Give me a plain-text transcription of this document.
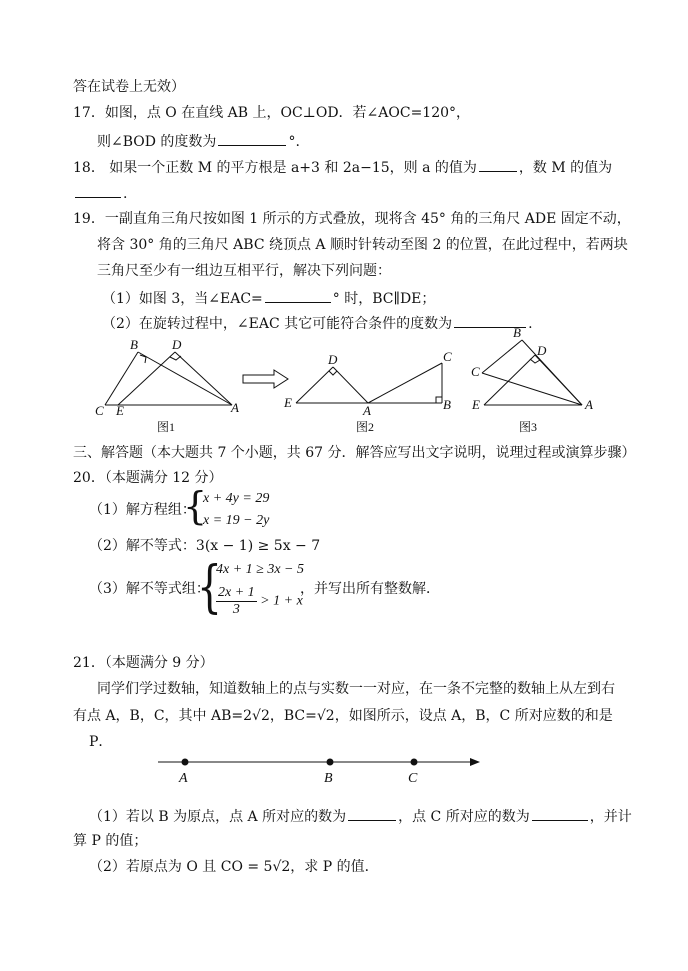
答在试卷上无效）
17．如图，点 O 在直线 AB 上，OC⊥OD．若∠AOC=120°，
则∠BOD 的度数为	°.
18． 如果一个正数 M 的平方根是 a+3 和 2a−15，则 a 的值为	，数 M 的值为
.
19．一副直角三角尺按如图 1 所示的方式叠放，现将含 45° 角的三角尺 ADE 固定不动，
将含 30° 角的三角尺 ABC 绕顶点 A 顺时针转动至图 2 的位置，在此过程中，若两块
三角尺至少有一组边互相平行，解决下列问题：
（1）如图 3，当∠EAC=	° 时，BC∥DE；
（2）在旋转过程中，∠EAC 其它可能符合条件的度数为	.
B	D
C E	A
D	C
E
A	B
B
D
C
E	A
图1	图2	图3
三、解答题（本大题共 7 个小题，共 67 分．解答应写出文字说明，说理过程或演算步骤）
20．（本题满分 12 分）
（1）解方程组：
{
x + 4y = 29
x = 19 − 2y
（2）解不等式：3(x − 1) ≥ 5x − 7
（3）解不等式组：
{
4x + 1 ≥ 3x − 5
$\frac{2x + 1}{3} > 1 + x$
，并写出所有整数解．
21．（本题满分 9 分）
同学们学过数轴，知道数轴上的点与实数一一对应，在一条不完整的数轴上从左到右
有点 A，B，C，其中 AB=2√2，BC=√2，如图所示，设点 A，B，C 所对应数的和是
P．
A	B	C
（1）若以 B 为原点，点 A 所对应的数为	，点 C 所对应的数为	，并计
算 P 的值；
（2）若原点为 O 且 CO = 5√2，求 P 的值．
